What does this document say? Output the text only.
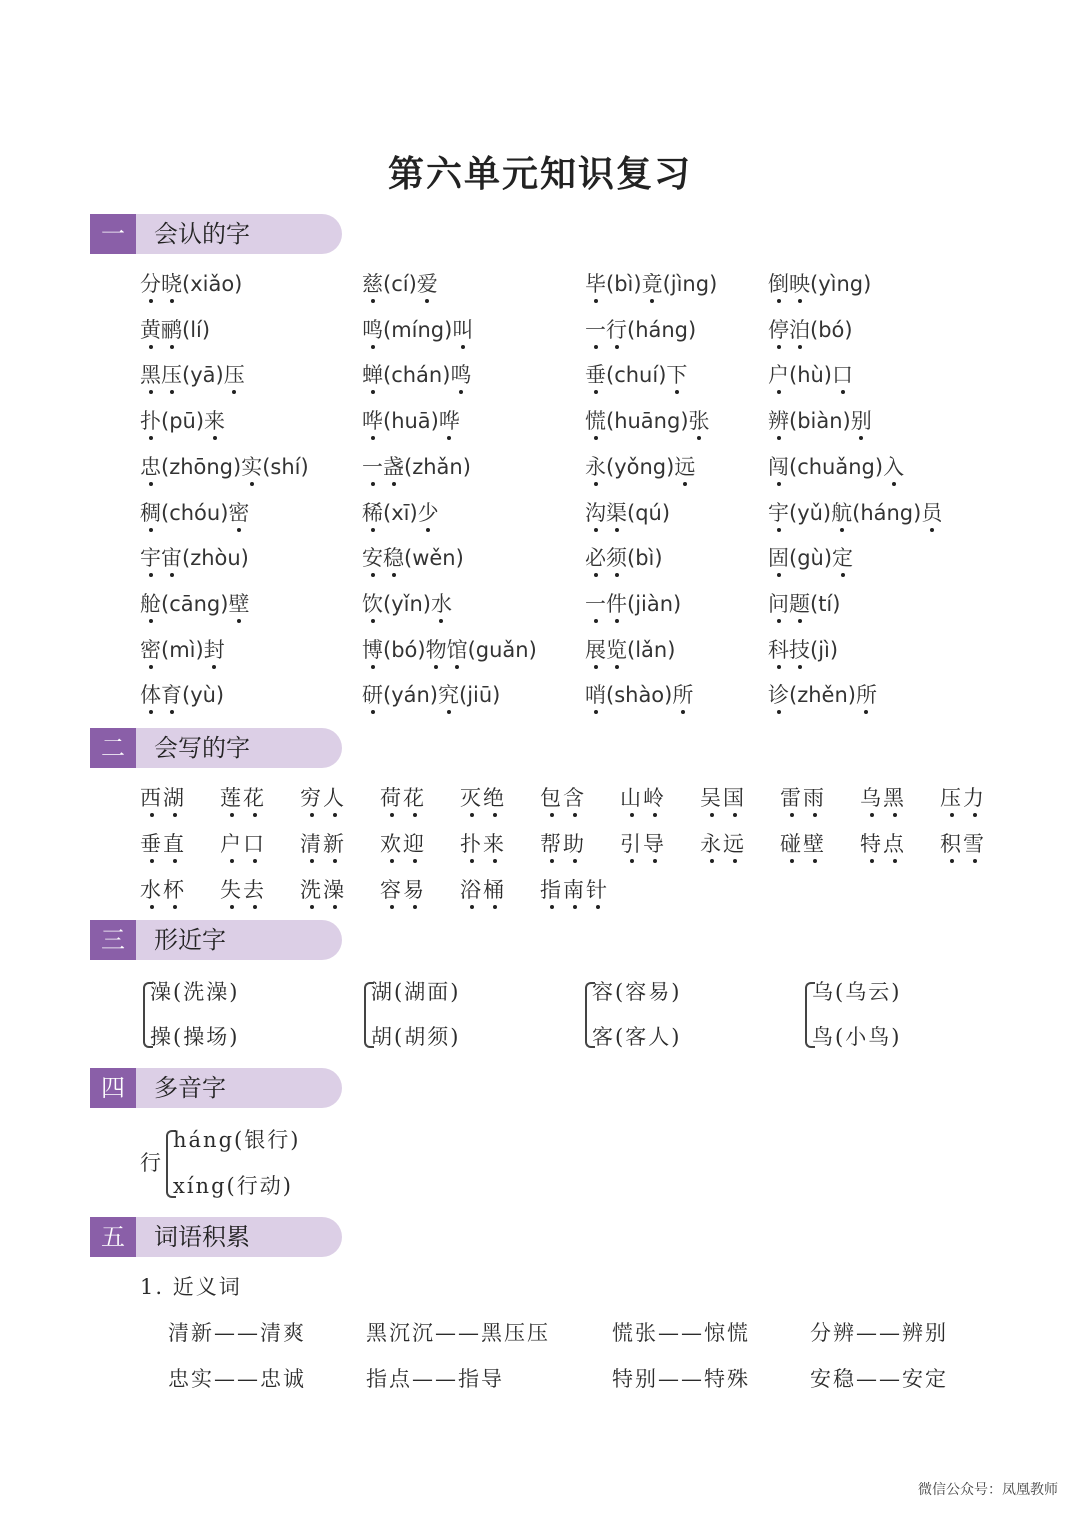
第六单元知识复习
一	会认的字
二	会写的字
三	形近字
四	多音字
五	词语积累
分晓(xiǎo)	慈(cí)爱	毕(bì)竟(jìng) 倒映(yìng)
黄鹂(lí)	鸣(míng)叫	一行(háng)	停泊(bó)
黑压(yā)压	蝉(chán)鸣	垂(chuí)下	户(hù)口
扑(pū)来	哗(huā)哗	慌(huāng)张	辨(biàn)别
忠(zhōng)实(shí)	一盏(zhǎn)	永(yǒng)远	闯(chuǎng)入
稠(chóu)密	稀(xī)少	沟渠(qú)	宇(yǔ)航(háng)员
宇宙(zhòu)	安稳(wěn)	必须(bì)	固(gù)定
舱(cāng)壁	饮(yǐn)水	一件(jiàn)	问题(tí)
密(mì)封	博(bó)物馆(guǎn) 展览(lǎn)	科技(jì)
体育(yù)	研(yán)究(jiū)	哨(shào)所	诊(zhěn)所
西湖 莲花 穷人 荷花 灭绝 包含 山岭 吴国 雷雨 乌黑 压力
垂直 户口 清新 欢迎 扑来 帮助 引导 永远 碰壁 特点 积雪
水杯 失去 洗澡 容易 浴桶 指南针
澡(洗澡)
操(操场)
湖(湖面)
胡(胡须)
容(容易)
客(客人)
乌(乌云)
鸟(小鸟)
行
háng(银行)
xíng(行动)
1. 近义词
清新——清爽	黑沉沉——黑压压	慌张——惊慌	分辨——辨别
忠实——忠诚	指点——指导	特别——特殊	安稳——安定
微信公众号：凤凰教师
